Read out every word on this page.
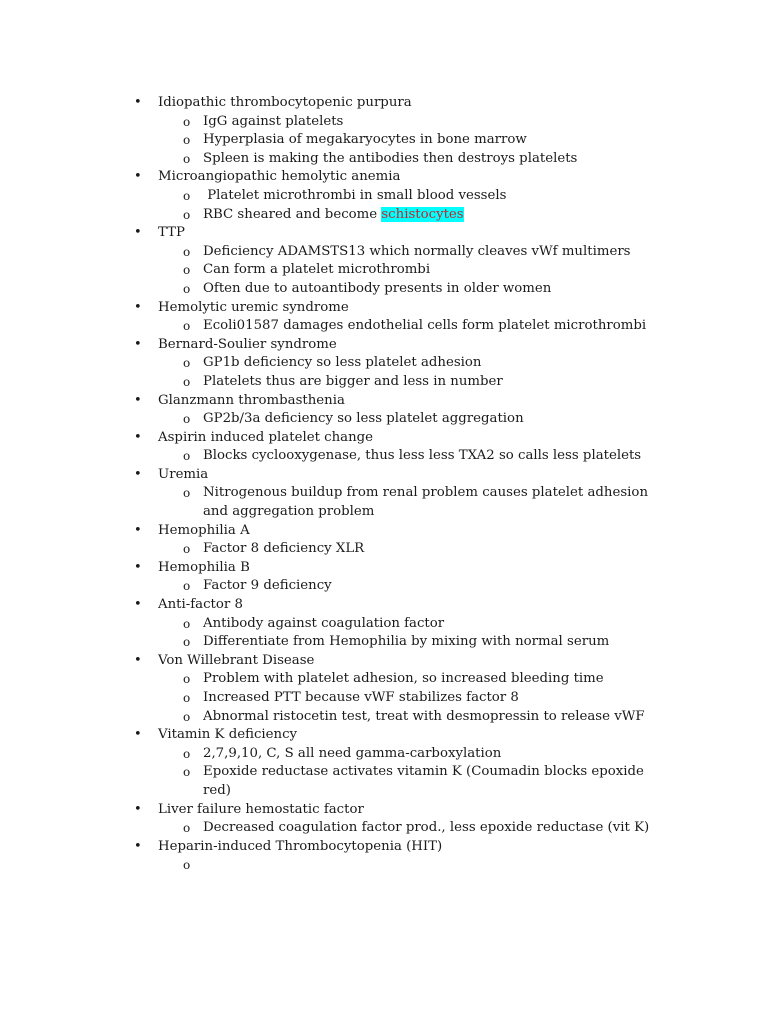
• Idiopathic thrombocytopenic purpura
o IgG against platelets
o Hyperplasia of megakaryocytes in bone marrow
o Spleen is making the antibodies then destroys platelets
• Microangiopathic hemolytic anemia
o Platelet microthrombi in small blood vessels
o RBC sheared and become schistocytes
• TTP
o Deficiency ADAMSTS13 which normally cleaves vWf multimers
o Can form a platelet microthrombi
o Often due to autoantibody presents in older women
• Hemolytic uremic syndrome
o Ecoli01587 damages endothelial cells form platelet microthrombi
• Bernard-Soulier syndrome
o GP1b deficiency so less platelet adhesion
o Platelets thus are bigger and less in number
• Glanzmann thrombasthenia
o GP2b/3a deficiency so less platelet aggregation
• Aspirin induced platelet change
o Blocks cyclooxygenase, thus less less TXA2 so calls less platelets
• Uremia
o Nitrogenous buildup from renal problem causes platelet adhesion and aggregation problem
• Hemophilia A
o Factor 8 deficiency XLR
• Hemophilia B
o Factor 9 deficiency
• Anti-factor 8
o Antibody against coagulation factor
o Differentiate from Hemophilia by mixing with normal serum
• Von Willebrant Disease
o Problem with platelet adhesion, so increased bleeding time
o Increased PTT because vWF stabilizes factor 8
o Abnormal ristocetin test, treat with desmopressin to release vWF
• Vitamin K deficiency
o 2,7,9,10, C, S all need gamma-carboxylation
o Epoxide reductase activates vitamin K (Coumadin blocks epoxide red)
• Liver failure hemostatic factor
o Decreased coagulation factor prod., less epoxide reductase (vit K)
• Heparin-induced Thrombocytopenia (HIT)
o
